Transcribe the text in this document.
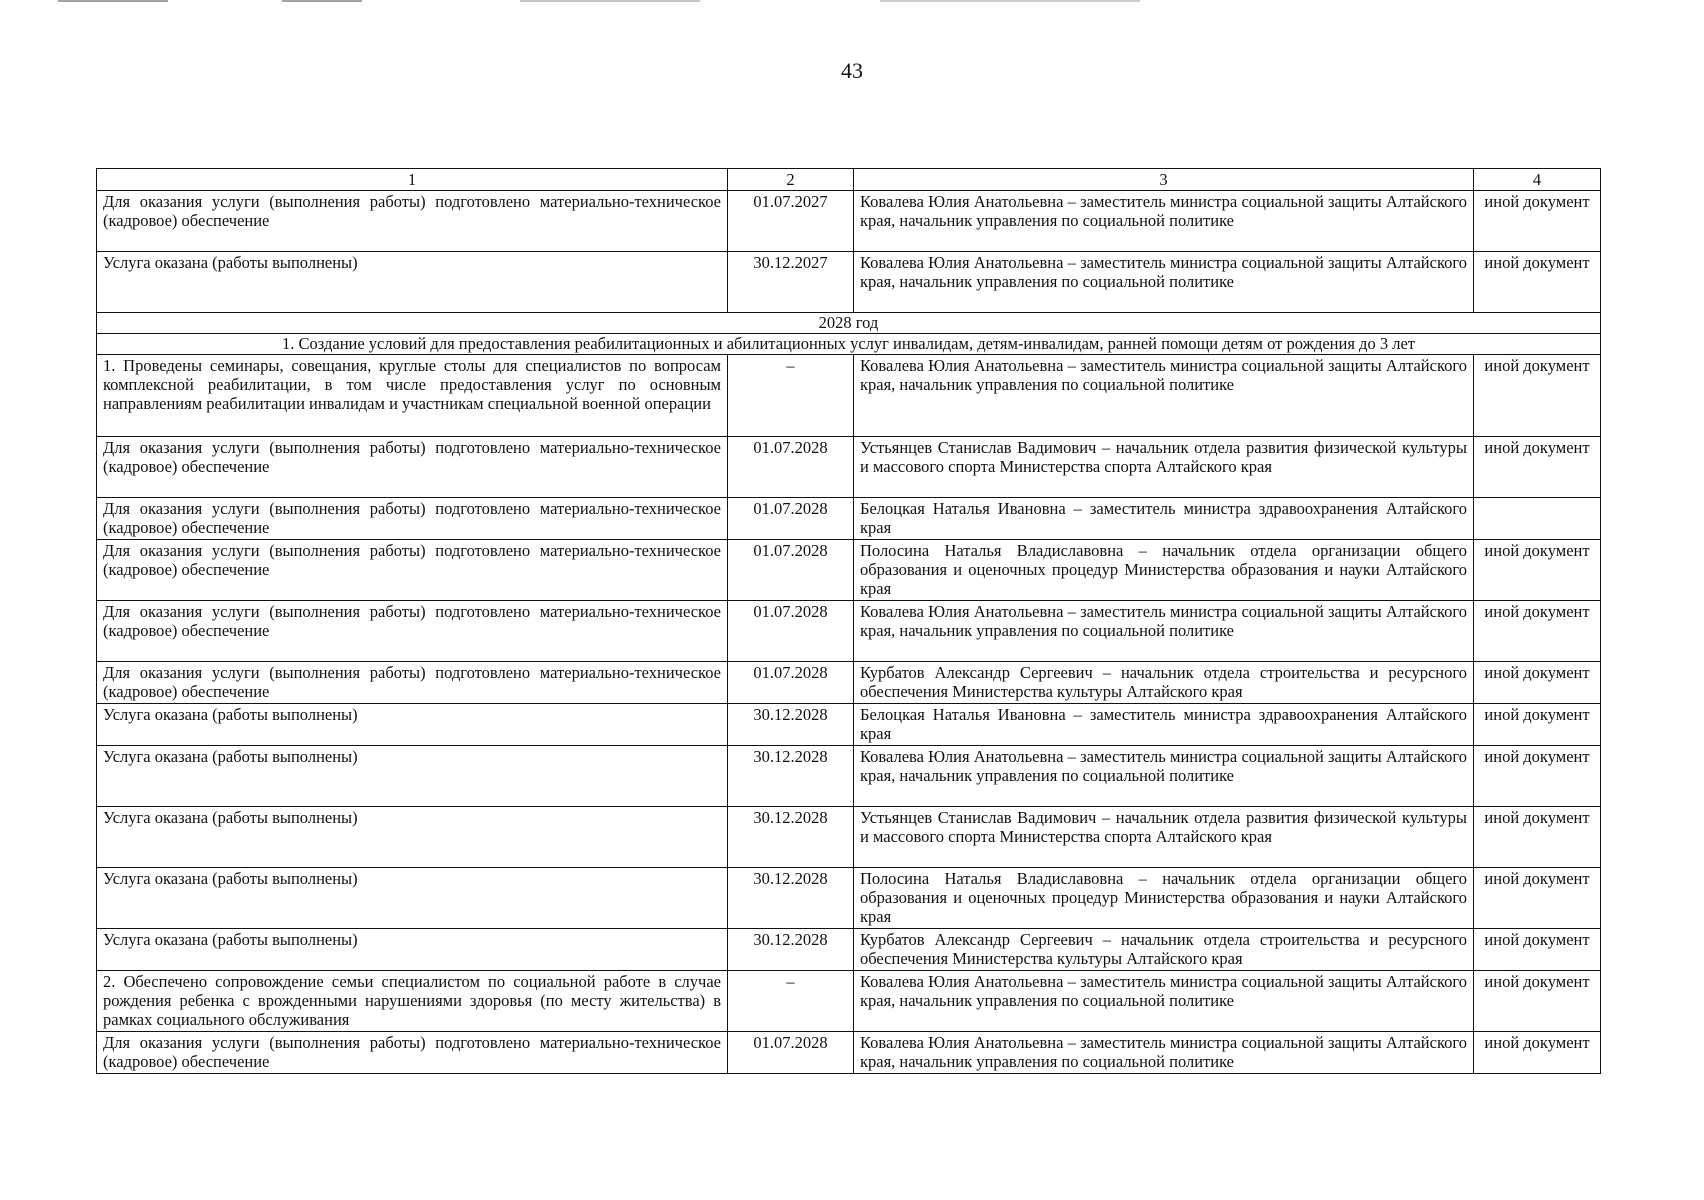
43
1	2	3	4
Для оказания услуги (выполнения работы) подготовлено материально-техническое (кадровое) обеспечение	01.07.2027	Ковалева Юлия Анатольевна – заместитель министра социальной защиты Алтайского края, начальник управления по социальной политике	иной документ
Услуга оказана (работы выполнены)	30.12.2027	Ковалева Юлия Анатольевна – заместитель министра социальной защиты Алтайского края, начальник управления по социальной политике	иной документ
2028 год			
1. Создание условий для предоставления реабилитационных и абилитационных услуг инвалидам, детям-инвалидам, ранней помощи детям от рождения до 3 лет			
1. Проведены семинары, совещания, круглые столы для специалистов по вопросам комплексной реабилитации, в том числе предоставления услуг по основным направлениям реабилитации инвалидам и участникам специальной военной операции	–	Ковалева Юлия Анатольевна – заместитель министра социальной защиты Алтайского края, начальник управления по социальной политике	иной документ
Для оказания услуги (выполнения работы) подготовлено материально-техническое (кадровое) обеспечение	01.07.2028	Устьянцев Станислав Вадимович – начальник отдела развития физической культуры и массового спорта Министерства спорта Алтайского края	иной документ
Для оказания услуги (выполнения работы) подготовлено материально-техническое (кадровое) обеспечение	01.07.2028	Белоцкая Наталья Ивановна – заместитель министра здравоохранения Алтайского края	
Для оказания услуги (выполнения работы) подготовлено материально-техническое (кадровое) обеспечение	01.07.2028	Полосина Наталья Владиславовна – начальник отдела организации общего образования и оценочных процедур Министерства образования и науки Алтайского края	иной документ
Для оказания услуги (выполнения работы) подготовлено материально-техническое (кадровое) обеспечение	01.07.2028	Ковалева Юлия Анатольевна – заместитель министра социальной защиты Алтайского края, начальник управления по социальной политике	иной документ
Для оказания услуги (выполнения работы) подготовлено материально-техническое (кадровое) обеспечение	01.07.2028	Курбатов Александр Сергеевич – начальник отдела строительства и ресурсного обеспечения Министерства культуры Алтайского края	иной документ
Услуга оказана (работы выполнены)	30.12.2028	Белоцкая Наталья Ивановна – заместитель министра здравоохранения Алтайского края	иной документ
Услуга оказана (работы выполнены)	30.12.2028	Ковалева Юлия Анатольевна – заместитель министра социальной защиты Алтайского края, начальник управления по социальной политике	иной документ
Услуга оказана (работы выполнены)	30.12.2028	Устьянцев Станислав Вадимович – начальник отдела развития физической культуры и массового спорта Министерства спорта Алтайского края	иной документ
Услуга оказана (работы выполнены)	30.12.2028	Полосина Наталья Владиславовна – начальник отдела организации общего образования и оценочных процедур Министерства образования и науки Алтайского края	иной документ
Услуга оказана (работы выполнены)	30.12.2028	Курбатов Александр Сергеевич – начальник отдела строительства и ресурсного обеспечения Министерства культуры Алтайского края	иной документ
2. Обеспечено сопровождение семьи специалистом по социальной работе в случае рождения ребенка с врожденными нарушениями здоровья (по месту жительства) в рамках социального обслуживания	–	Ковалева Юлия Анатольевна – заместитель министра социальной защиты Алтайского края, начальник управления по социальной политике	иной документ
Для оказания услуги (выполнения работы) подготовлено материально-техническое (кадровое) обеспечение	01.07.2028	Ковалева Юлия Анатольевна – заместитель министра социальной защиты Алтайского края, начальник управления по социальной политике	иной документ
